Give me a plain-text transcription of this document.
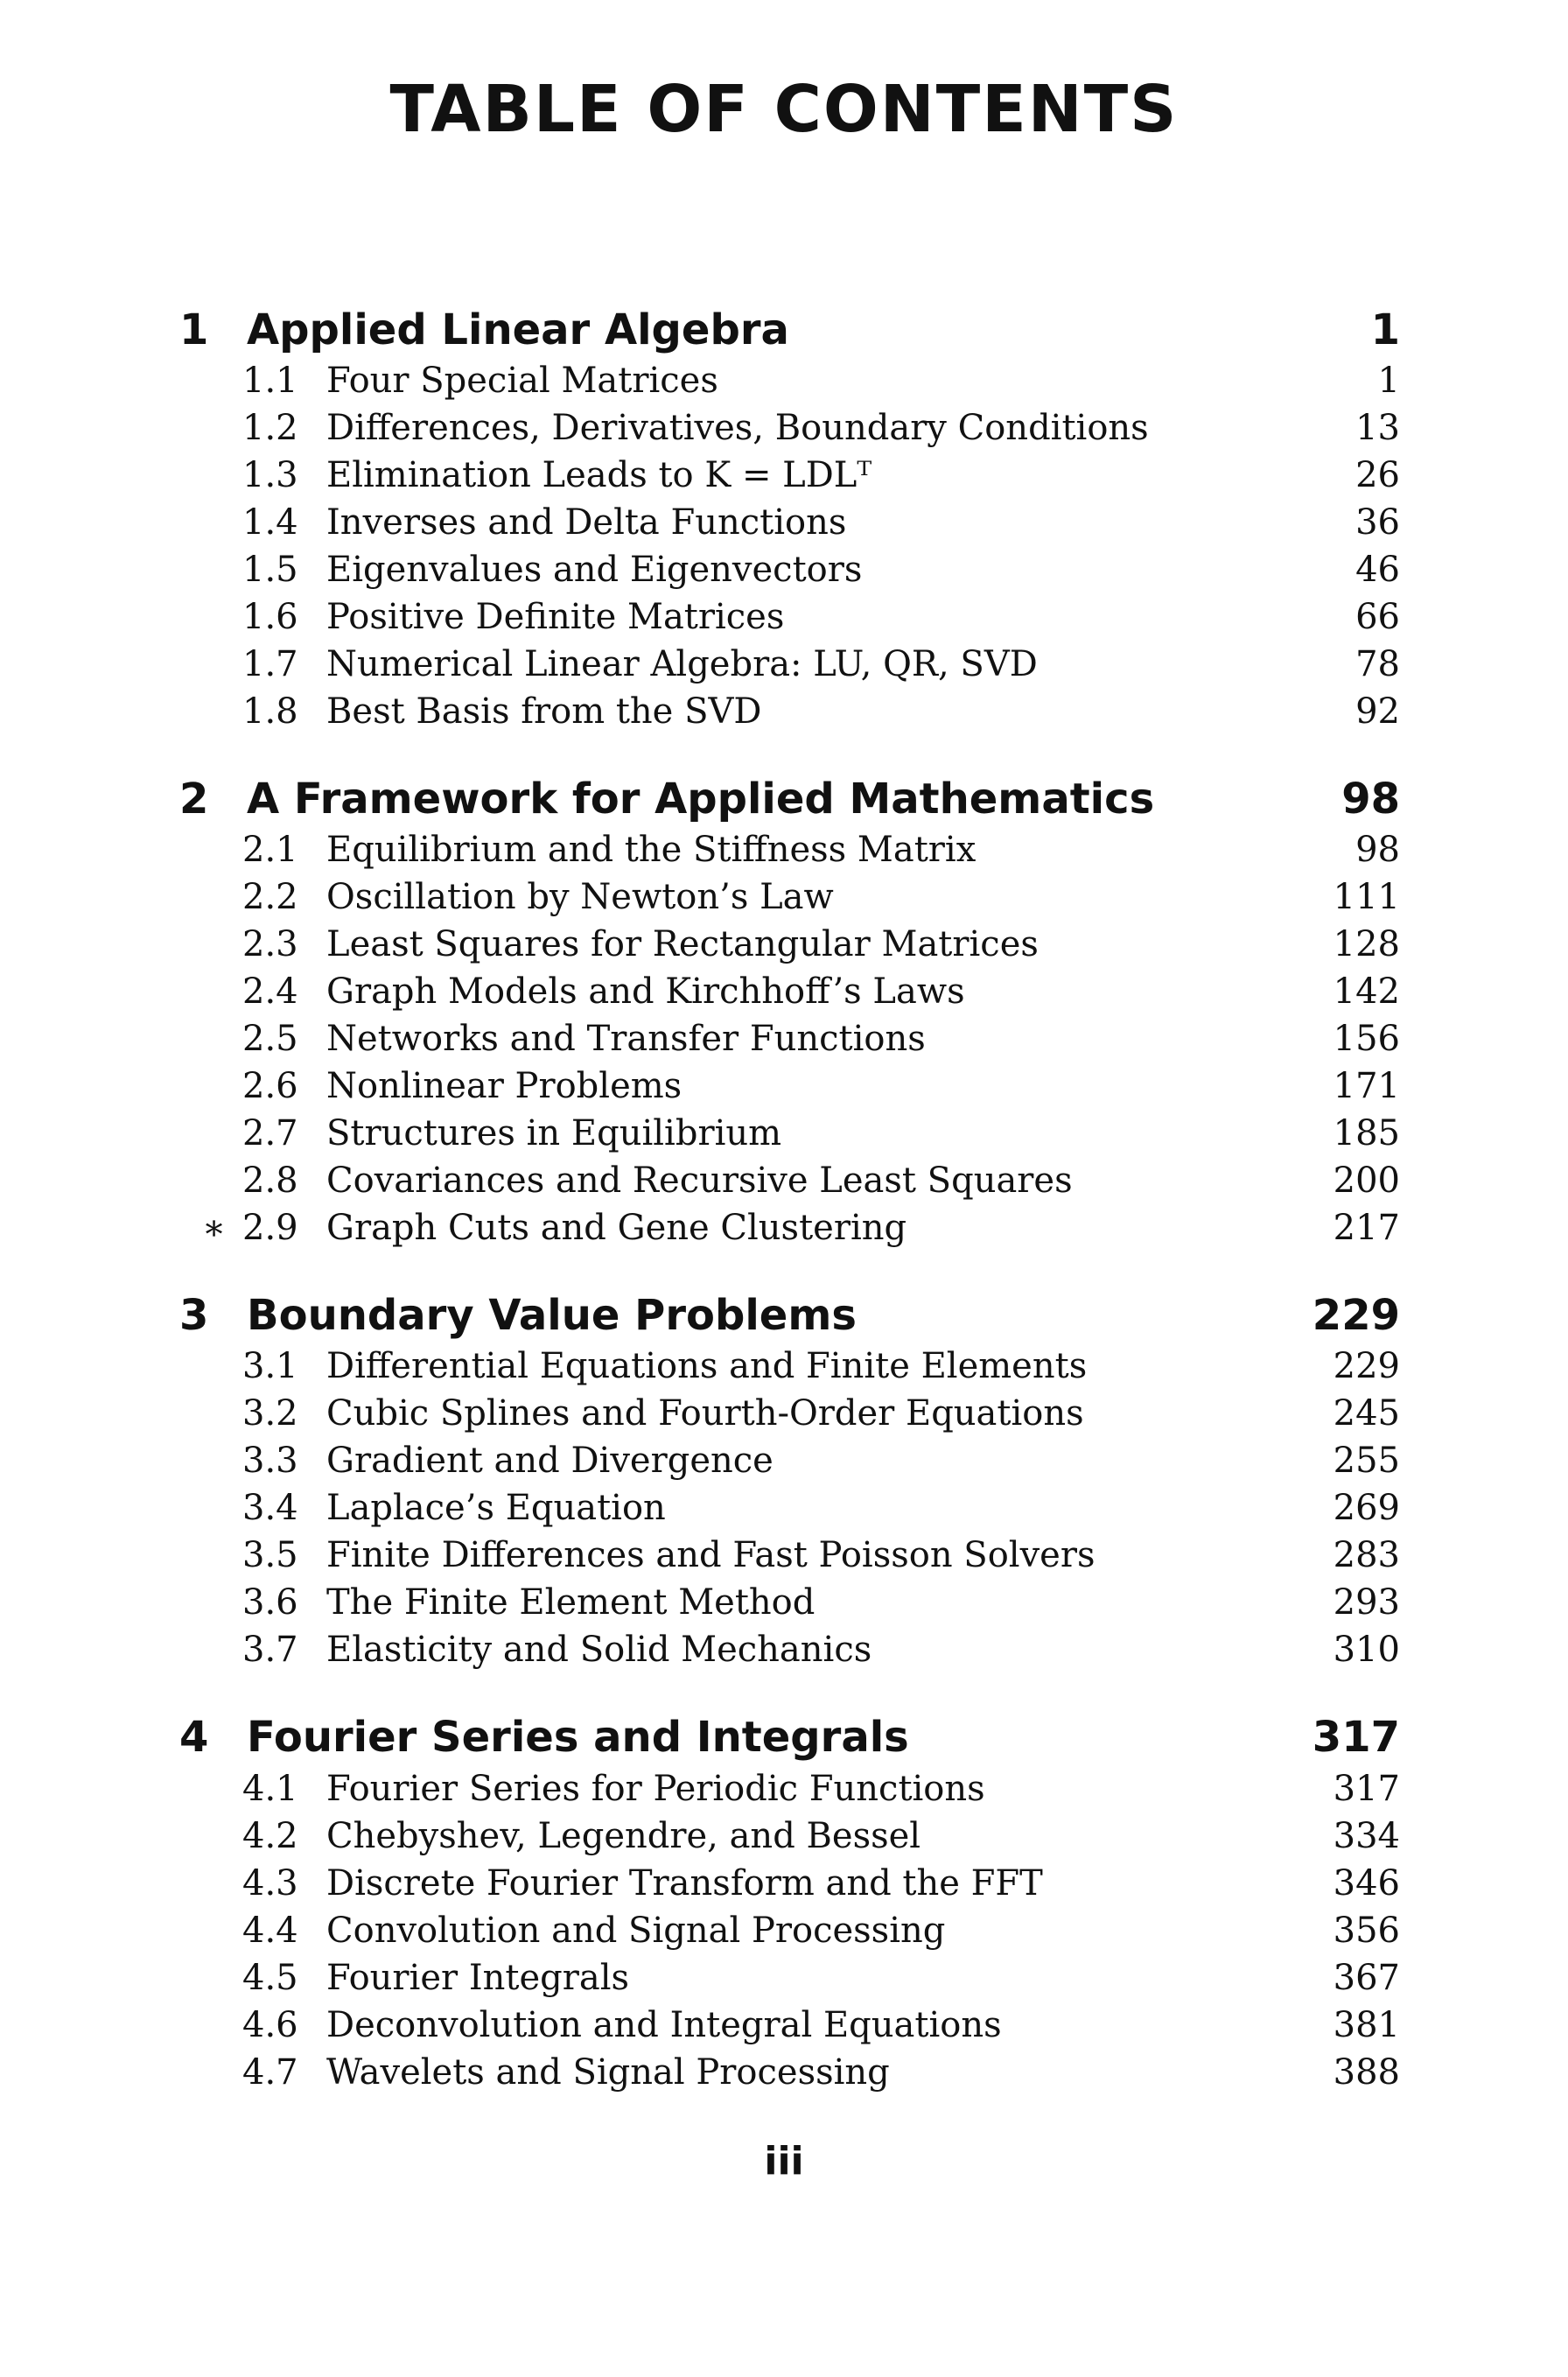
TABLE OF CONTENTS
1 Applied Linear Algebra	1
1.1 Four Special Matrices	1
1.2 Differences, Derivatives, Boundary Conditions	13
1.3 Elimination Leads to K = LDLᵀ	26
1.4 Inverses and Delta Functions	36
1.5 Eigenvalues and Eigenvectors	46
1.6 Positive Definite Matrices	66
1.7 Numerical Linear Algebra: LU, QR, SVD	78
1.8 Best Basis from the SVD	92
2 A Framework for Applied Mathematics	98
2.1 Equilibrium and the Stiffness Matrix	98
2.2 Oscillation by Newton’s Law	111
2.3 Least Squares for Rectangular Matrices	128
2.4 Graph Models and Kirchhoff’s Laws	142
2.5 Networks and Transfer Functions	156
2.6 Nonlinear Problems	171
2.7 Structures in Equilibrium	185
2.8 Covariances and Recursive Least Squares	200
∗ 2.9 Graph Cuts and Gene Clustering	217
3 Boundary Value Problems	229
3.1 Differential Equations and Finite Elements	229
3.2 Cubic Splines and Fourth-Order Equations	245
3.3 Gradient and Divergence	255
3.4 Laplace’s Equation	269
3.5 Finite Differences and Fast Poisson Solvers	283
3.6 The Finite Element Method	293
3.7 Elasticity and Solid Mechanics	310
4 Fourier Series and Integrals	317
4.1 Fourier Series for Periodic Functions	317
4.2 Chebyshev, Legendre, and Bessel	334
4.3 Discrete Fourier Transform and the FFT	346
4.4 Convolution and Signal Processing	356
4.5 Fourier Integrals	367
4.6 Deconvolution and Integral Equations	381
4.7 Wavelets and Signal Processing	388
iii
